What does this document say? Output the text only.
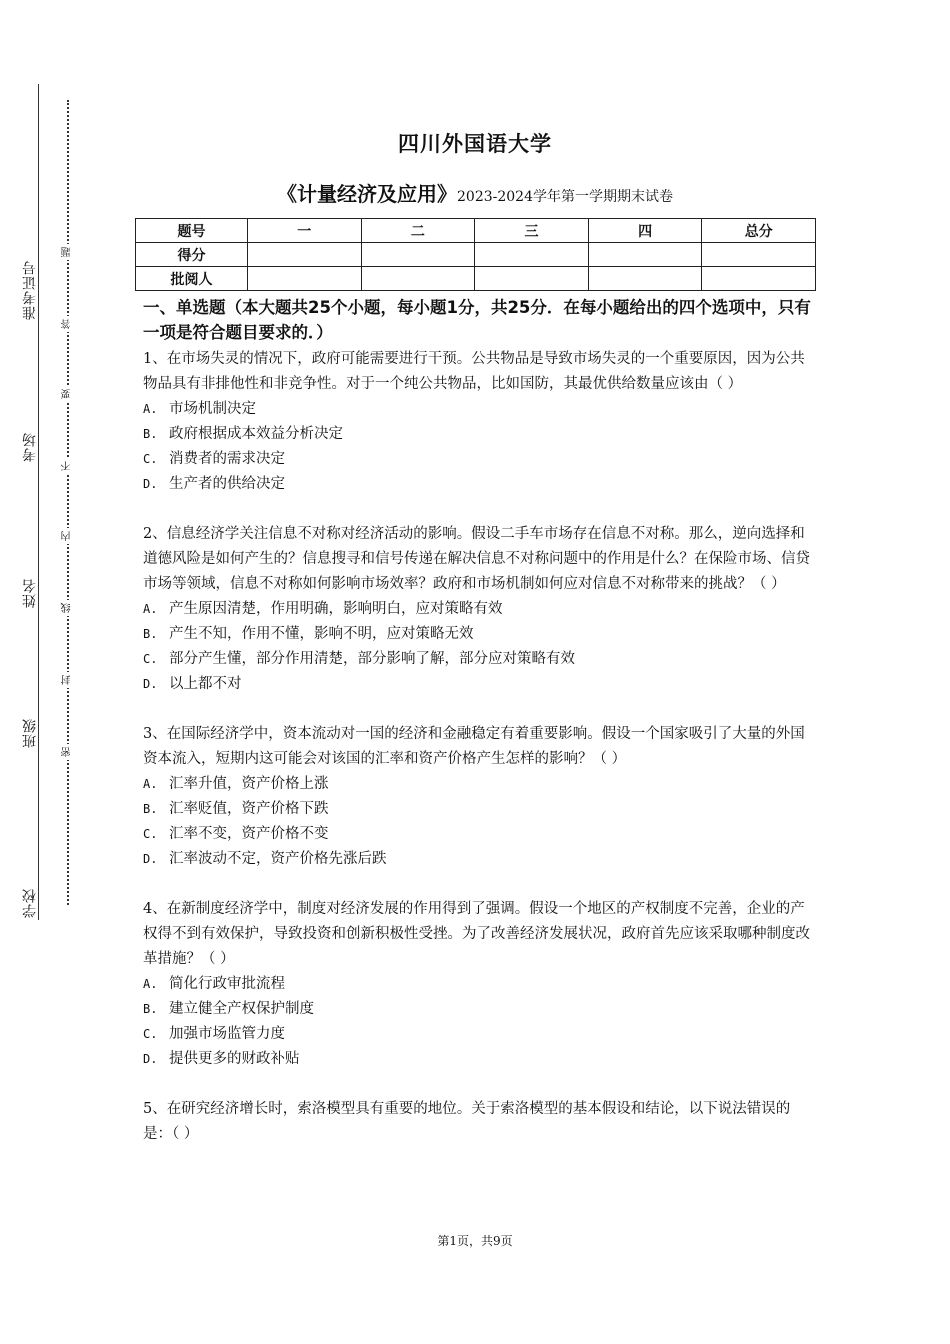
学校
班级
姓名
考场
准考证号
题
答
要
不
内
线
封
密
四川外国语大学
《计量经济及应用》2023-2024学年第一学期期末试卷
题号	一	二	三	四	总分
得分					
批阅人					

一、单选题（本大题共25个小题，每小题1分，共25分．在每小题给出的四个选项中，只有一项是符合题目要求的．）

1、在市场失灵的情况下，政府可能需要进行干预。公共物品是导致市场失灵的一个重要原因，因为公共物品具有非排他性和非竞争性。对于一个纯公共物品，比如国防，其最优供给数量应该由（ ）

A. 市场机制决定

B. 政府根据成本效益分析决定

C. 消费者的需求决定

D. 生产者的供给决定

2、信息经济学关注信息不对称对经济活动的影响。假设二手车市场存在信息不对称。那么，逆向选择和道德风险是如何产生的？信息搜寻和信号传递在解决信息不对称问题中的作用是什么？在保险市场、信贷市场等领域，信息不对称如何影响市场效率？政府和市场机制如何应对信息不对称带来的挑战？（ ）

A. 产生原因清楚，作用明确，影响明白，应对策略有效

B. 产生不知，作用不懂，影响不明，应对策略无效

C. 部分产生懂，部分作用清楚，部分影响了解，部分应对策略有效

D. 以上都不对

3、在国际经济学中，资本流动对一国的经济和金融稳定有着重要影响。假设一个国家吸引了大量的外国资本流入，短期内这可能会对该国的汇率和资产价格产生怎样的影响？（ ）

A. 汇率升值，资产价格上涨

B. 汇率贬值，资产价格下跌

C. 汇率不变，资产价格不变

D. 汇率波动不定，资产价格先涨后跌

4、在新制度经济学中，制度对经济发展的作用得到了强调。假设一个地区的产权制度不完善，企业的产权得不到有效保护，导致投资和创新积极性受挫。为了改善经济发展状况，政府首先应该采取哪种制度改革措施？（ ）

A. 简化行政审批流程

B. 建立健全产权保护制度

C. 加强市场监管力度

D. 提供更多的财政补贴

5、在研究经济增长时，索洛模型具有重要的地位。关于索洛模型的基本假设和结论，以下说法错误的是：（ ）

第1页，共9页
